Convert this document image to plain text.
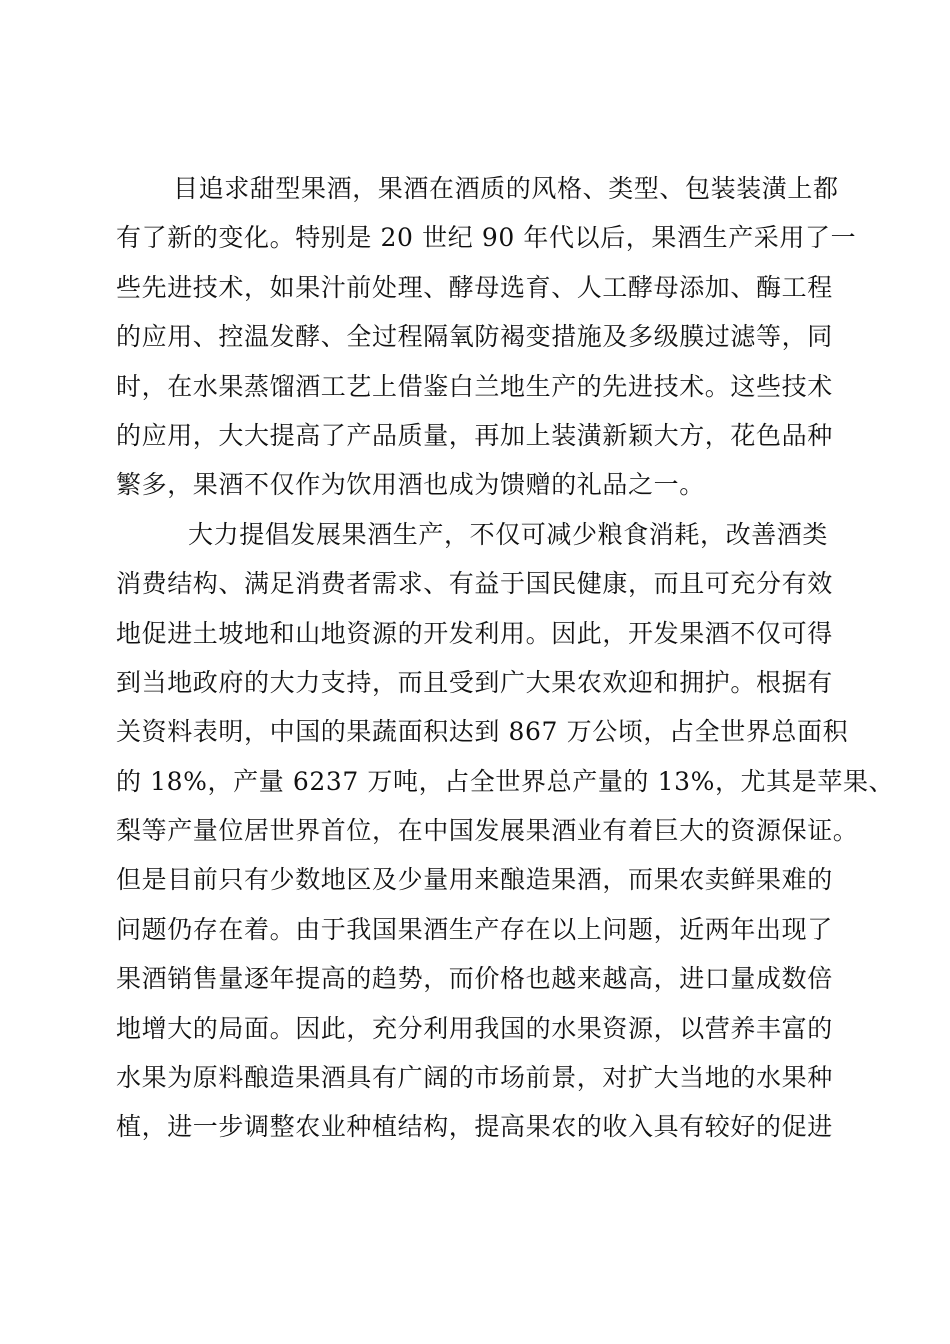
目追求甜型果酒，果酒在酒质的风格、类型、包装装潢上都
有了新的变化。特别是 20 世纪 90 年代以后，果酒生产采用了一
些先进技术，如果汁前处理、酵母选育、人工酵母添加、酶工程
的应用、控温发酵、全过程隔氧防褐变措施及多级膜过滤等，同
时，在水果蒸馏酒工艺上借鉴白兰地生产的先进技术。这些技术
的应用，大大提高了产品质量，再加上装潢新颖大方，花色品种
繁多，果酒不仅作为饮用酒也成为馈赠的礼品之一。
大力提倡发展果酒生产，不仅可减少粮食消耗，改善酒类
消费结构、满足消费者需求、有益于国民健康，而且可充分有效
地促进土坡地和山地资源的开发利用。因此，开发果酒不仅可得
到当地政府的大力支持，而且受到广大果农欢迎和拥护。根据有
关资料表明，中国的果蔬面积达到 867 万公顷，占全世界总面积
的 18%，产量 6237 万吨，占全世界总产量的 13%，尤其是苹果、
梨等产量位居世界首位，在中国发展果酒业有着巨大的资源保证。
但是目前只有少数地区及少量用来酿造果酒，而果农卖鲜果难的
问题仍存在着。由于我国果酒生产存在以上问题，近两年出现了
果酒销售量逐年提高的趋势，而价格也越来越高，进口量成数倍
地增大的局面。因此，充分利用我国的水果资源，以营养丰富的
水果为原料酿造果酒具有广阔的市场前景，对扩大当地的水果种
植，进一步调整农业种植结构，提高果农的收入具有较好的促进
